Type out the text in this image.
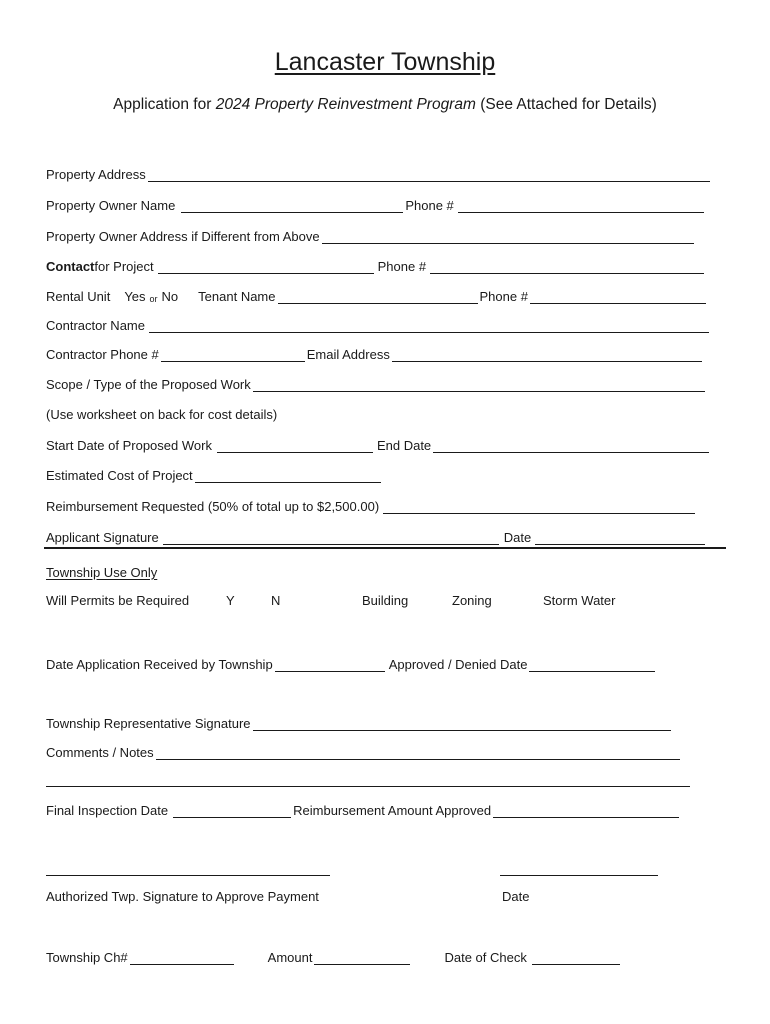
Lancaster Township
Application for 2024 Property Reinvestment Program (See Attached for Details)
Property Address
Property Owner Name	Phone #
Property Owner Address if Different from Above
Contact for Project	Phone #
Rental Unit Yes or No Tenant Name	Phone #
Contractor Name
Contractor Phone #	Email Address
Scope / Type of the Proposed Work
(Use worksheet on back for cost details)
Start Date of Proposed Work	End Date
Estimated Cost of Project
Reimbursement Requested (50% of total up to $2,500.00)
Applicant Signature	Date
Township Use Only
Will Permits be Required	Y	N	Building	Zoning	Storm Water
Date Application Received by Township	Approved / Denied Date
Township Representative Signature
Comments / Notes
Final Inspection Date	Reimbursement Amount Approved
Authorized Twp. Signature to Approve Payment	Date
Township Ch#	Amount	Date of Check
